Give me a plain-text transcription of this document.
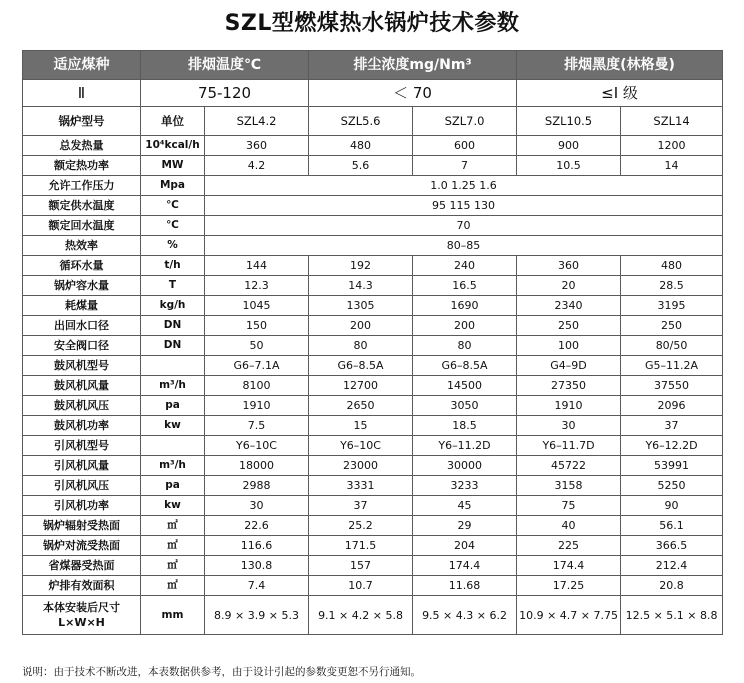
SZL型燃煤热水锅炉技术参数
适应煤种	排烟温度℃		排尘浓度mg/Nm³		排烟黑度(林格曼)	
Ⅱ	75-120		＜ 70		≤Ⅰ 级	
锅炉型号	单位	SZL4.2	SZL5.6	SZL7.0	SZL10.5	SZL14
总发热量	10⁴kcal/h	360	480	600	900	1200
额定热功率	MW	4.2	5.6	7	10.5	14
允许工作压力	Mpa	1.0 1.25 1.6				
额定供水温度	℃	95 115 130				
额定回水温度	℃	70				
热效率	%	80–85				
循环水量	t/h	144	192	240	360	480
锅炉容水量	T	12.3	14.3	16.5	20	28.5
耗煤量	kg/h	1045	1305	1690	2340	3195
出回水口径	DN	150	200	200	250	250
安全阀口径	DN	50	80	80	100	80/50
鼓风机型号		G6–7.1A	G6–8.5A	G6–8.5A	G4–9D	G5–11.2A
鼓风机风量	m³/h	8100	12700	14500	27350	37550
鼓风机风压	pa	1910	2650	3050	1910	2096
鼓风机功率	kw	7.5	15	18.5	30	37
引风机型号		Y6–10C	Y6–10C	Y6–11.2D	Y6–11.7D	Y6–12.2D
引风机风量	m³/h	18000	23000	30000	45722	53991
引风机风压	pa	2988	3331	3233	3158	5250
引风机功率	kw	30	37	45	75	90
锅炉辐射受热面	㎡	22.6	25.2	29	40	56.1
锅炉对流受热面	㎡	116.6	171.5	204	225	366.5
省煤器受热面	㎡	130.8	157	174.4	174.4	212.4
炉排有效面积	㎡	7.4	10.7	11.68	17.25	20.8
本体安装后尺寸
L×W×H	mm	8.9 × 3.9 × 5.3	9.1 × 4.2 × 5.8	9.5 × 4.3 × 6.2	10.9 × 4.7 × 7.75	12.5 × 5.1 × 8.8
说明：由于技术不断改进，本表数据供参考，由于设计引起的参数变更恕不另行通知。
